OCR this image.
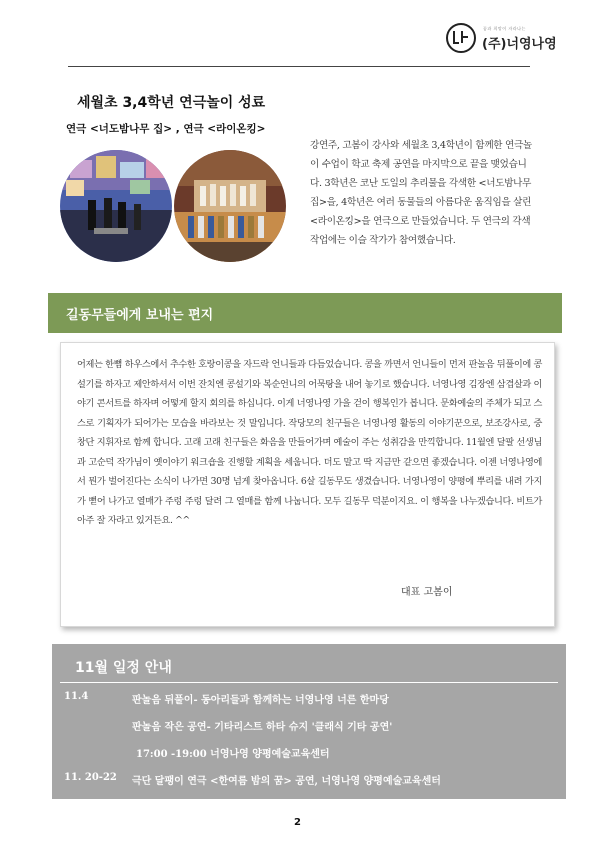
꿈과 희망이 자라나는
(주)너영나영
세월초 3,4학년 연극놀이 성료
연극 <너도밤나무 집> , 연극 <라이온킹>
강연주, 고봄이 강사와 세월초 3,4학년이 함께한 연극놀이 수업이 학교 축제 공연을 마지막으로 끝을 맺었습니다. 3학년은 코난 도일의 추리물을 각색한 <너도밤나무 집>을, 4학년은 여러 동물들의 아름다운 움직임을 살린 <라이온킹>을 연극으로 만들었습니다. 두 연극의 각색 작업에는 이슬 작가가 참여했습니다.
길동무들에게 보내는 편지
어제는 한뼘 하우스에서 추수한 호랑이콩을 자드락 언니들과 다듬었습니다. 콩을 까면서 언니들이 먼저 판놀음 뒤풀이에 콩설기를 하자고 제안하셔서 이번 잔치엔 콩설기와 복순언니의 어묵탕을 내어 놓기로 했습니다. 너영나영 김장엔 삼겹살과 이야기 콘서트를 하자며 어떻게 할지 회의를 하십니다. 이게 너영나영 가을 걷이 행복인가 봅니다. 문화예술의 주체가 되고 스스로 기획자가 되어가는 모습을 바라보는 것 말입니다. 작당모의 친구들은 너영나영 활동의 이야기꾼으로, 보조강사로, 중창단 지휘자로 함께 합니다. 고래 고래 친구들은 화음을 만들어가며 예술이 주는 성취감을 만끽합니다. 11월엔 달팔 선생님과 고순덕 작가님이 옛이야기 워크숍을 진행할 계획을 세웁니다. 더도 말고 딱 지금만 같으면 좋겠습니다. 이젠 너영나영에서 뭔가 벌어진다는 소식이 나가면 30명 넘게 찾아옵니다. 6살 길동무도 생겼습니다. 너영나영이 양평에 뿌리를 내려 가지가 뻗어 나가고 열매가 주렁 주렁 달려 그 열매를 함께 나눕니다. 모두 길동무 덕분이지요. 이 행복을 나누겠습니다. 비트가 아주 잘 자라고 있거든요. ^^
대표 고봄이
11월 일정 안내
11.4	판놀음 뒤풀이- 동아리들과 함께하는 너영나영 너른 한마당
판놀음 작은 공연- 기타리스트 하타 슈지 '클래식 기타 공연'
17:00 -19:00 너영나영 양평예술교육센터
11. 20-22 극단 달팽이 연극 <한여름 밤의 꿈> 공연, 너영나영 양평예술교육센터
2
